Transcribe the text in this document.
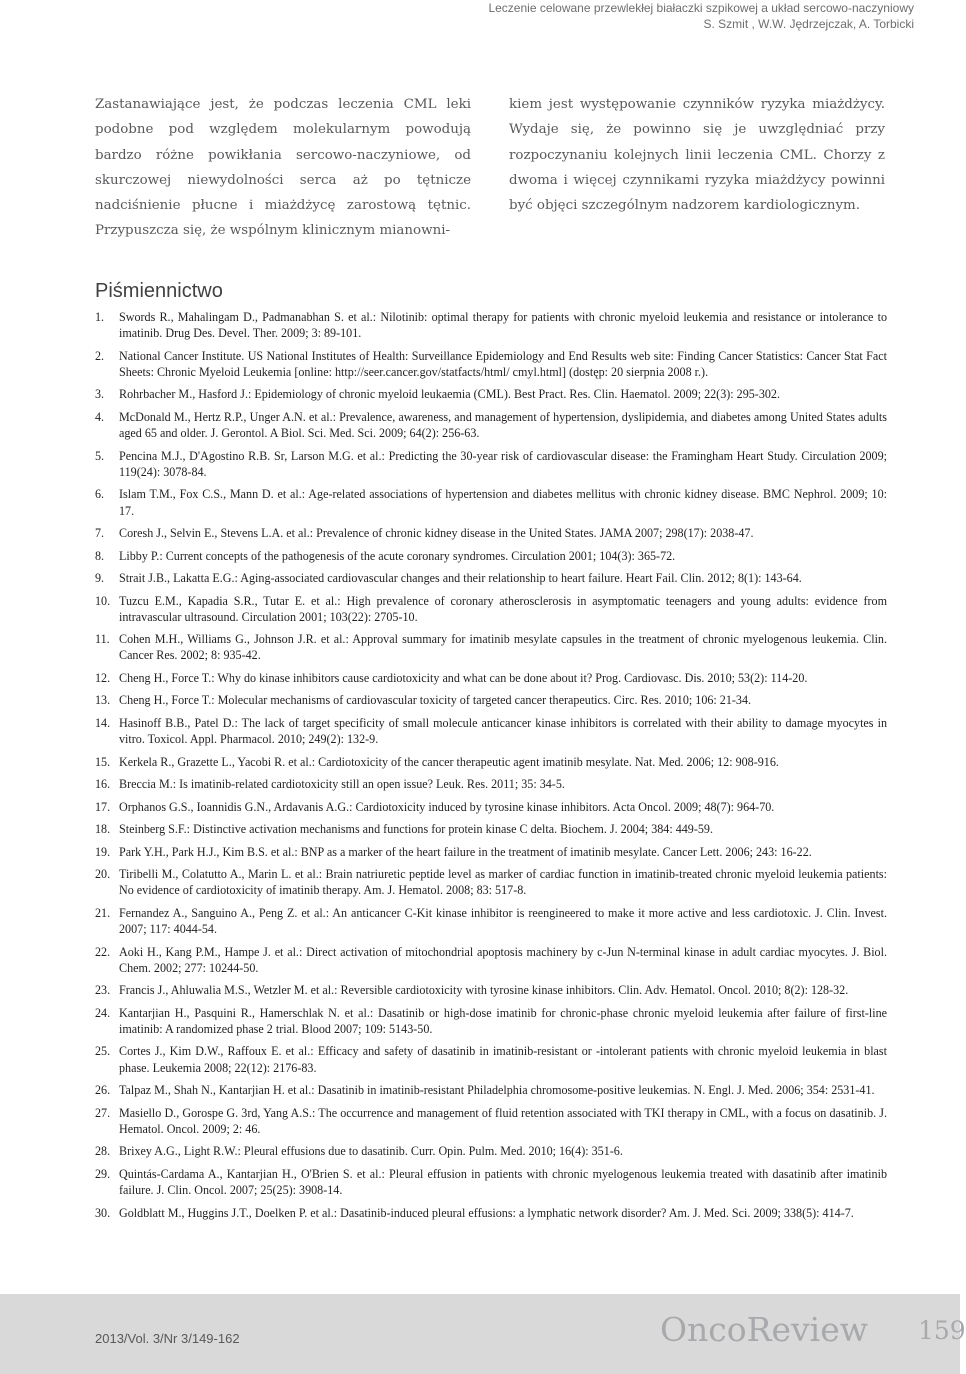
Leczenie celowane przewlekłej białaczki szpikowej a układ sercowo-naczyniowy
S. Szmit , W.W. Jędrzejczak, A. Torbicki
Zastanawiające jest, że podczas leczenia CML leki podobne pod względem molekularnym powodują bardzo różne powikłania sercowo-naczyniowe, od skurczowej niewydolności serca aż po tętnicze nadciśnienie płucne i miażdżycę zarostową tętnic. Przypuszcza się, że wspólnym klinicznym mianowni-
kiem jest występowanie czynników ryzyka miażdżycy. Wydaje się, że powinno się je uwzględniać przy rozpoczynaniu kolejnych linii leczenia CML. Chorzy z dwoma i więcej czynnikami ryzyka miażdżycy powinni być objęci szczególnym nadzorem kardiologicznym.
Piśmiennictwo
1. Swords R., Mahalingam D., Padmanabhan S. et al.: Nilotinib: optimal therapy for patients with chronic myeloid leukemia and resistance or intolerance to imatinib. Drug Des. Devel. Ther. 2009; 3: 89-101.
2. National Cancer Institute. US National Institutes of Health: Surveillance Epidemiology and End Results web site: Finding Cancer Statistics: Cancer Stat Fact Sheets: Chronic Myeloid Leukemia [online: http://seer.cancer.gov/statfacts/html/ cmyl.html] (dostęp: 20 sierpnia 2008 r.).
3. Rohrbacher M., Hasford J.: Epidemiology of chronic myeloid leukaemia (CML). Best Pract. Res. Clin. Haematol. 2009; 22(3): 295-302.
4. McDonald M., Hertz R.P., Unger A.N. et al.: Prevalence, awareness, and management of hypertension, dyslipidemia, and diabetes among United States adults aged 65 and older. J. Gerontol. A Biol. Sci. Med. Sci. 2009; 64(2): 256-63.
5. Pencina M.J., D'Agostino R.B. Sr, Larson M.G. et al.: Predicting the 30-year risk of cardiovascular disease: the Framingham Heart Study. Circulation 2009; 119(24): 3078-84.
6. Islam T.M., Fox C.S., Mann D. et al.: Age-related associations of hypertension and diabetes mellitus with chronic kidney disease. BMC Nephrol. 2009; 10: 17.
7. Coresh J., Selvin E., Stevens L.A. et al.: Prevalence of chronic kidney disease in the United States. JAMA 2007; 298(17): 2038-47.
8. Libby P.: Current concepts of the pathogenesis of the acute coronary syndromes. Circulation 2001; 104(3): 365-72.
9. Strait J.B., Lakatta E.G.: Aging-associated cardiovascular changes and their relationship to heart failure. Heart Fail. Clin. 2012; 8(1): 143-64.
10. Tuzcu E.M., Kapadia S.R., Tutar E. et al.: High prevalence of coronary atherosclerosis in asymptomatic teenagers and young adults: evidence from intravascular ultrasound. Circulation 2001; 103(22): 2705-10.
11. Cohen M.H., Williams G., Johnson J.R. et al.: Approval summary for imatinib mesylate capsules in the treatment of chronic myelogenous leukemia. Clin. Cancer Res. 2002; 8: 935-42.
12. Cheng H., Force T.: Why do kinase inhibitors cause cardiotoxicity and what can be done about it? Prog. Cardiovasc. Dis. 2010; 53(2): 114-20.
13. Cheng H., Force T.: Molecular mechanisms of cardiovascular toxicity of targeted cancer therapeutics. Circ. Res. 2010; 106: 21-34.
14. Hasinoff B.B., Patel D.: The lack of target specificity of small molecule anticancer kinase inhibitors is correlated with their ability to damage myocytes in vitro. Toxicol. Appl. Pharmacol. 2010; 249(2): 132-9.
15. Kerkela R., Grazette L., Yacobi R. et al.: Cardiotoxicity of the cancer therapeutic agent imatinib mesylate. Nat. Med. 2006; 12: 908-916.
16. Breccia M.: Is imatinib-related cardiotoxicity still an open issue? Leuk. Res. 2011; 35: 34-5.
17. Orphanos G.S., Ioannidis G.N., Ardavanis A.G.: Cardiotoxicity induced by tyrosine kinase inhibitors. Acta Oncol. 2009; 48(7): 964-70.
18. Steinberg S.F.: Distinctive activation mechanisms and functions for protein kinase C delta. Biochem. J. 2004; 384: 449-59.
19. Park Y.H., Park H.J., Kim B.S. et al.: BNP as a marker of the heart failure in the treatment of imatinib mesylate. Cancer Lett. 2006; 243: 16-22.
20. Tiribelli M., Colatutto A., Marin L. et al.: Brain natriuretic peptide level as marker of cardiac function in imatinib-treated chronic myeloid leukemia patients: No evidence of cardiotoxicity of imatinib therapy. Am. J. Hematol. 2008; 83: 517-8.
21. Fernandez A., Sanguino A., Peng Z. et al.: An anticancer C-Kit kinase inhibitor is reengineered to make it more active and less cardiotoxic. J. Clin. Invest. 2007; 117: 4044-54.
22. Aoki H., Kang P.M., Hampe J. et al.: Direct activation of mitochondrial apoptosis machinery by c-Jun N-terminal kinase in adult cardiac myocytes. J. Biol. Chem. 2002; 277: 10244-50.
23. Francis J., Ahluwalia M.S., Wetzler M. et al.: Reversible cardiotoxicity with tyrosine kinase inhibitors. Clin. Adv. Hematol. Oncol. 2010; 8(2): 128-32.
24. Kantarjian H., Pasquini R., Hamerschlak N. et al.: Dasatinib or high-dose imatinib for chronic-phase chronic myeloid leukemia after failure of first-line imatinib: A randomized phase 2 trial. Blood 2007; 109: 5143-50.
25. Cortes J., Kim D.W., Raffoux E. et al.: Efficacy and safety of dasatinib in imatinib-resistant or -intolerant patients with chronic myeloid leukemia in blast phase. Leukemia 2008; 22(12): 2176-83.
26. Talpaz M., Shah N., Kantarjian H. et al.: Dasatinib in imatinib-resistant Philadelphia chromosome-positive leukemias. N. Engl. J. Med. 2006; 354: 2531-41.
27. Masiello D., Gorospe G. 3rd, Yang A.S.: The occurrence and management of fluid retention associated with TKI therapy in CML, with a focus on dasatinib. J. Hematol. Oncol. 2009; 2: 46.
28. Brixey A.G., Light R.W.: Pleural effusions due to dasatinib. Curr. Opin. Pulm. Med. 2010; 16(4): 351-6.
29. Quintás-Cardama A., Kantarjian H., O'Brien S. et al.: Pleural effusion in patients with chronic myelogenous leukemia treated with dasatinib after imatinib failure. J. Clin. Oncol. 2007; 25(25): 3908-14.
30. Goldblatt M., Huggins J.T., Doelken P. et al.: Dasatinib-induced pleural effusions: a lymphatic network disorder? Am. J. Med. Sci. 2009; 338(5): 414-7.
2013/Vol. 3/Nr 3/149-162	OncoReview 159
